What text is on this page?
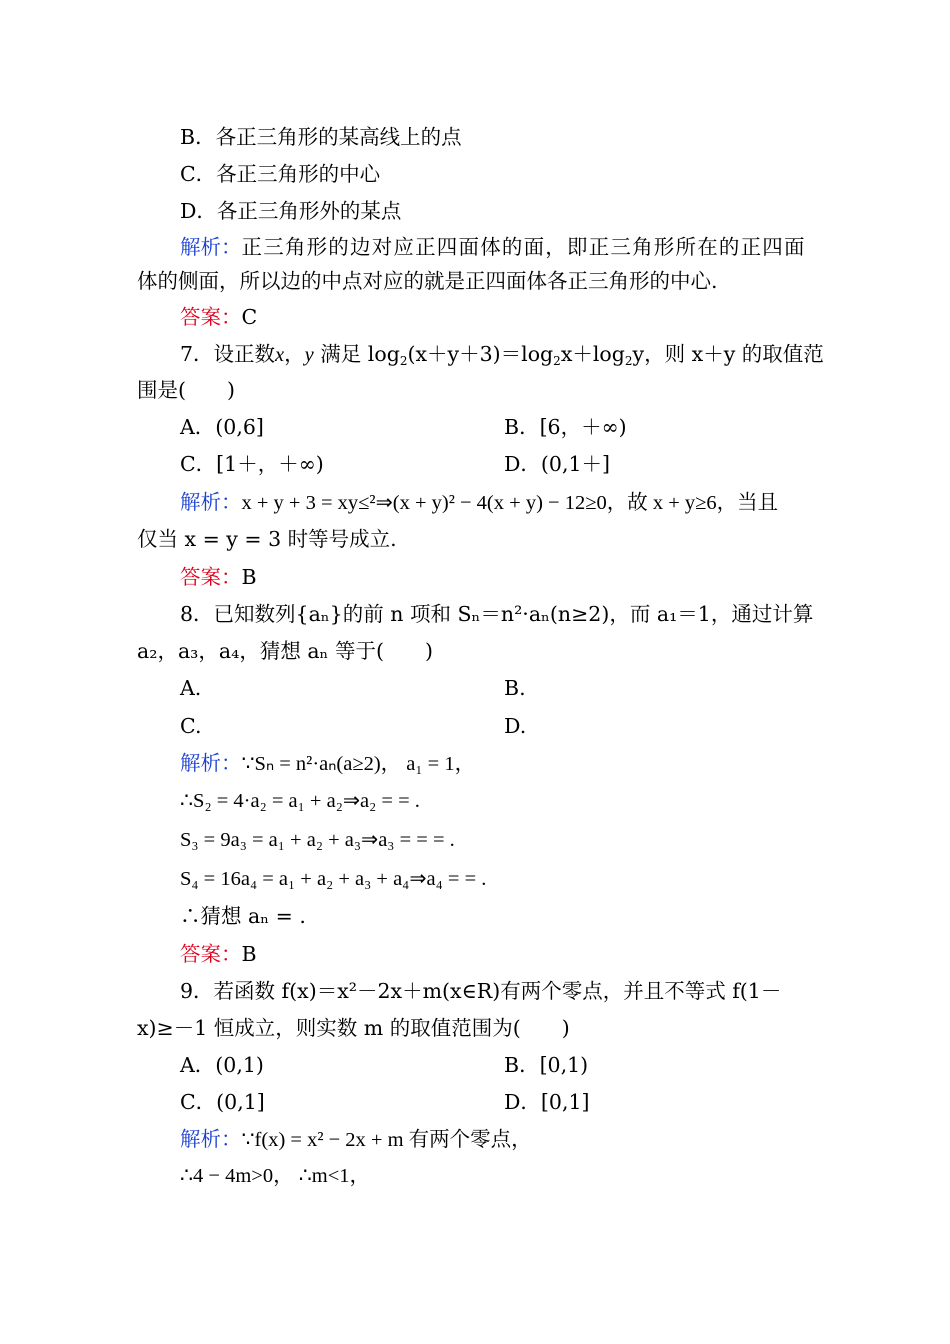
B．各正三角形的某高线上的点
C．各正三角形的中心
D．各正三角形外的某点
解析：正三角形的边对应正四面体的面，即正三角形所在的正四面
体的侧面，所以边的中点对应的就是正四面体各正三角形的中心.
答案：C
7．设正数x，y 满足 $\log_2(x+y+3)=\log_2x+\log_2y$，则 x＋y 的取值范
围是(　　)
A．(0,6]	B．[6，＋∞)
C．[1＋，＋∞)	D．(0,1＋]
解析：x + y + 3 = xy≤²⇒(x + y)² − 4(x + y) − 12≥0，故 x + y≥6，当且
仅当 x = y = 3 时等号成立.
答案：B
8．已知数列{aₙ}的前 n 项和 Sₙ＝n²·aₙ(n≥2)，而 a₁＝1，通过计算
a₂，a₃，a₄，猜想 aₙ 等于(　　)
A.	B.
C.	D.
解析：∵Sₙ = n²·aₙ(a≥2)， a₁ = 1，
∴S₂ = 4·a₂ = a₁ + a₂⇒a₂ = = .
S₃ = 9a₃ = a₁ + a₂ + a₃⇒a₃ = = = .
S₄ = 16a₄ = a₁ + a₂ + a₃ + a₄⇒a₄ = = .
∴猜想 aₙ = .
答案：B
9．若函数 f(x)＝x²－2x＋m(x∈R)有两个零点，并且不等式 f(1－
x)≥－1 恒成立，则实数 m 的取值范围为(　　)
A．(0,1)	B．[0,1)
C．(0,1]	D．[0,1]
解析：∵f(x) = x² − 2x + m 有两个零点，
∴4 − 4m>0， ∴m<1，
